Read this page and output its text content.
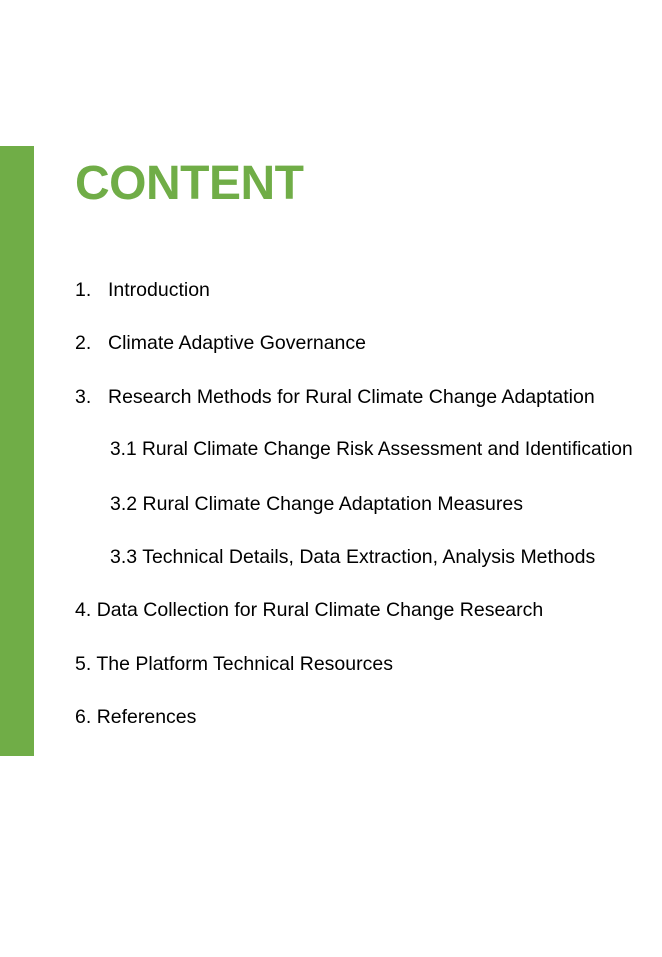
CONTENT
1. Introduction
2. Climate Adaptive Governance
3. Research Methods for Rural Climate Change Adaptation
3.1 Rural Climate Change Risk Assessment and Identification
3.2 Rural Climate Change Adaptation Measures
3.3 Technical Details, Data Extraction, Analysis Methods
4. Data Collection for Rural Climate Change Research
5. The Platform Technical Resources
6. References
